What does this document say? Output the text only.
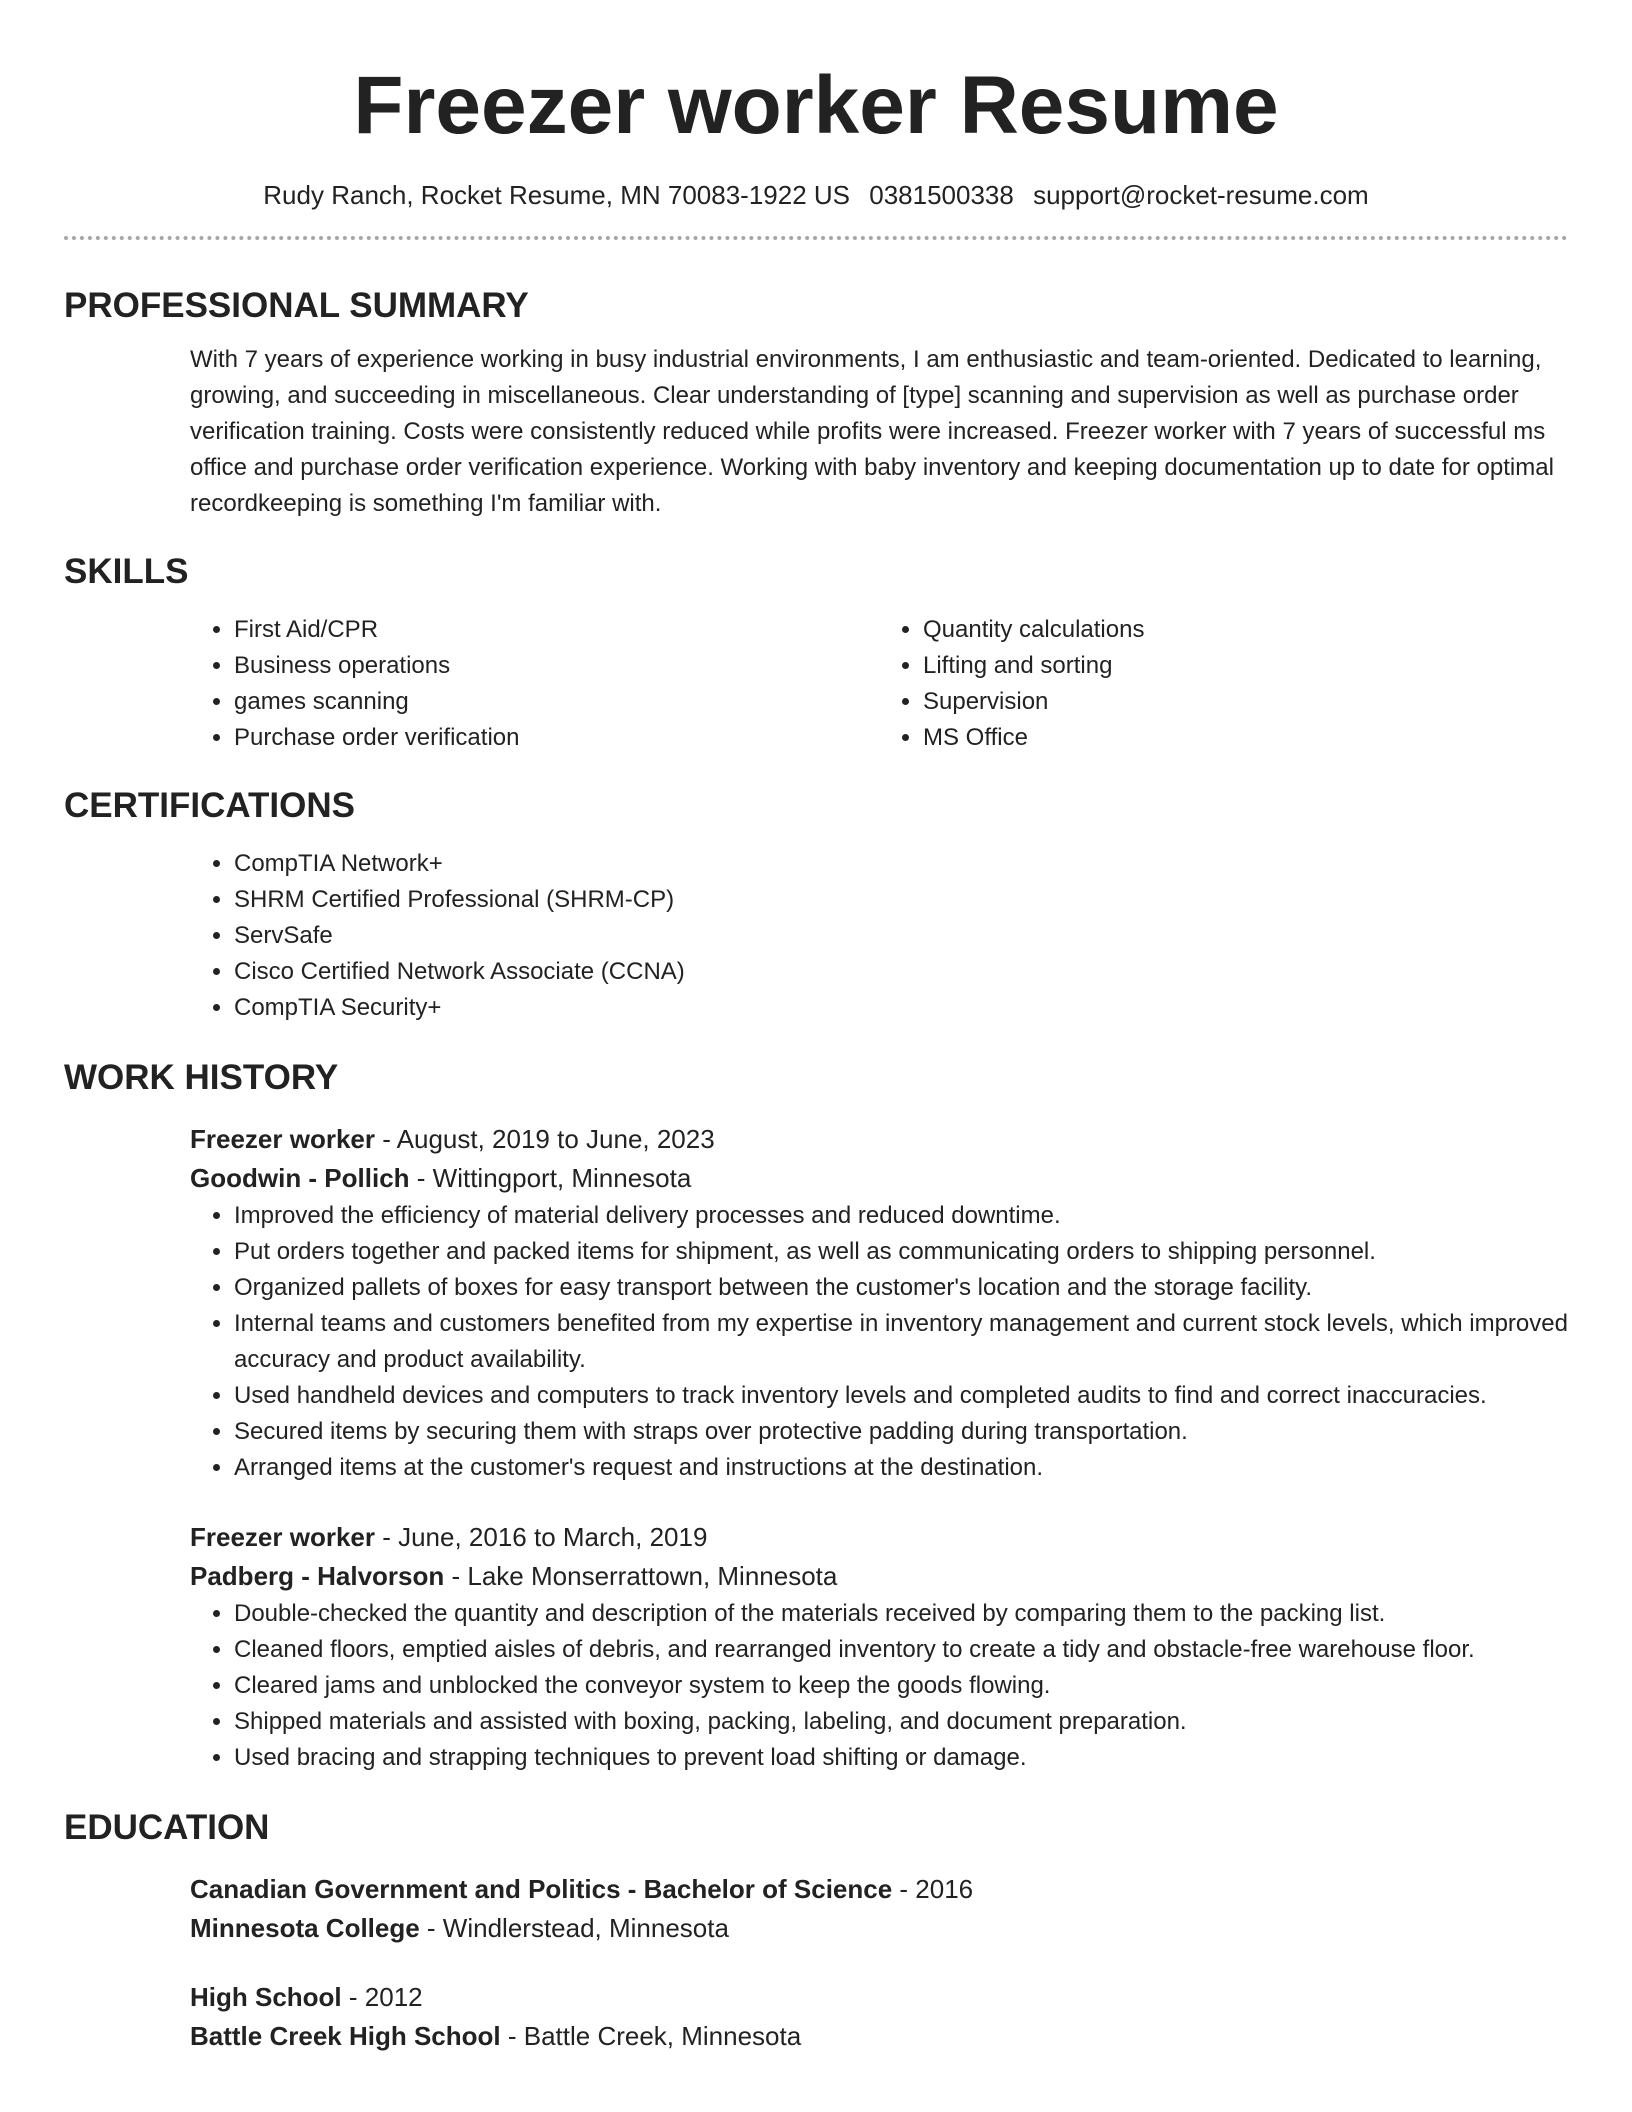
Freezer worker Resume
Rudy Ranch, Rocket Resume, MN 70083-1922 US 0381500338 support@rocket-resume.com
PROFESSIONAL SUMMARY

With 7 years of experience working in busy industrial environments, I am enthusiastic and team-oriented. Dedicated to learning, growing, and succeeding in miscellaneous. Clear understanding of [type] scanning and supervision as well as purchase order verification training. Costs were consistently reduced while profits were increased. Freezer worker with 7 years of successful ms office and purchase order verification experience. Working with baby inventory and keeping documentation up to date for optimal recordkeeping is something I'm familiar with.

SKILLS
• First Aid/CPR
• Business operations
• games scanning
• Purchase order verification
• Quantity calculations
• Lifting and sorting
• Supervision
• MS Office
CERTIFICATIONS
• CompTIA Network+
• SHRM Certified Professional (SHRM-CP)
• ServSafe
• Cisco Certified Network Associate (CCNA)
• CompTIA Security+
WORK HISTORY
Freezer worker - August, 2019 to June, 2023
Goodwin - Pollich - Wittingport, Minnesota
• Improved the efficiency of material delivery processes and reduced downtime.
• Put orders together and packed items for shipment, as well as communicating orders to shipping personnel.
• Organized pallets of boxes for easy transport between the customer's location and the storage facility.
• Internal teams and customers benefited from my expertise in inventory management and current stock levels, which improved accuracy and product availability.
• Used handheld devices and computers to track inventory levels and completed audits to find and correct inaccuracies.
• Secured items by securing them with straps over protective padding during transportation.
• Arranged items at the customer's request and instructions at the destination.
Freezer worker - June, 2016 to March, 2019
Padberg - Halvorson - Lake Monserrattown, Minnesota
• Double-checked the quantity and description of the materials received by comparing them to the packing list.
• Cleaned floors, emptied aisles of debris, and rearranged inventory to create a tidy and obstacle-free warehouse floor.
• Cleared jams and unblocked the conveyor system to keep the goods flowing.
• Shipped materials and assisted with boxing, packing, labeling, and document preparation.
• Used bracing and strapping techniques to prevent load shifting or damage.
EDUCATION
Canadian Government and Politics - Bachelor of Science - 2016
Minnesota College - Windlerstead, Minnesota
High School - 2012
Battle Creek High School - Battle Creek, Minnesota
